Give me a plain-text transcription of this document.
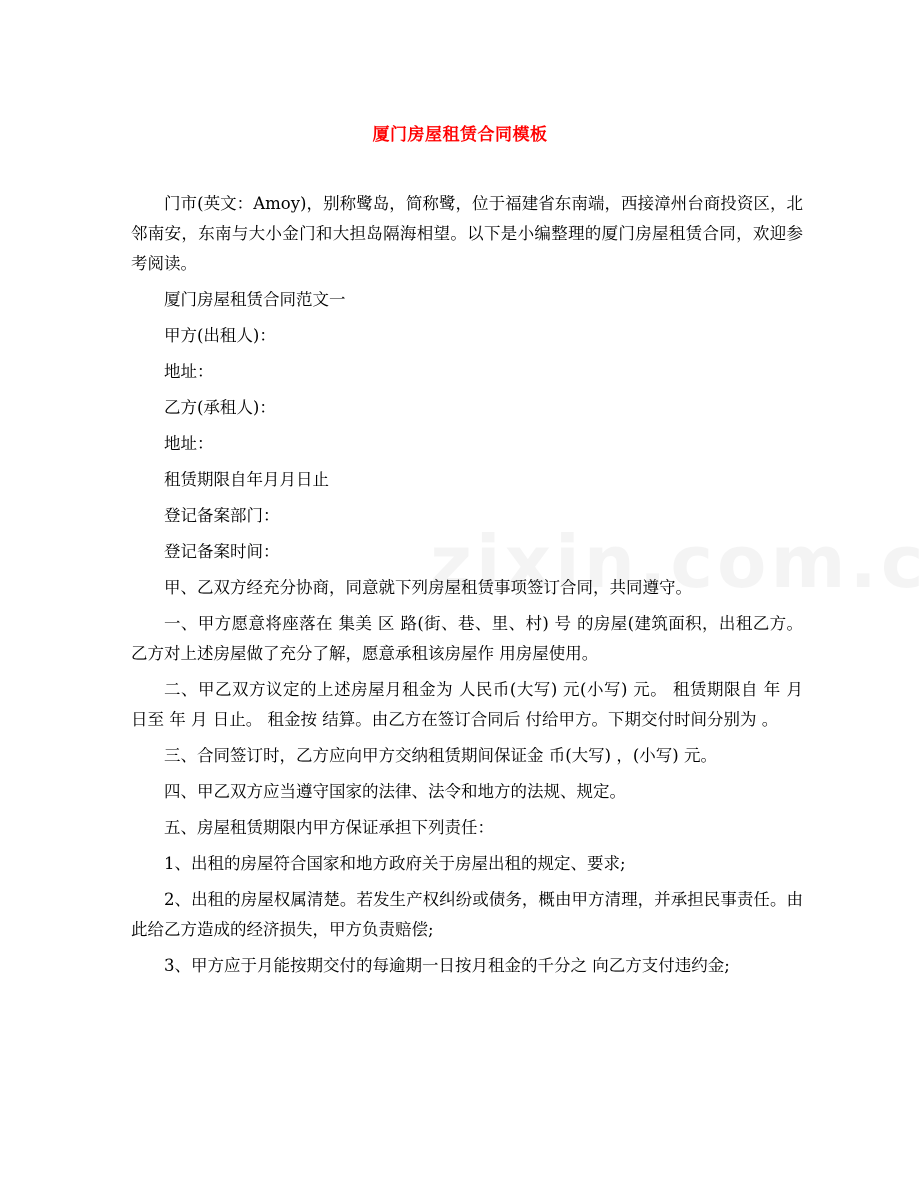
厦门房屋租赁合同模板

门市(英文：Amoy)，别称鹭岛，简称鹭，位于福建省东南端，西接漳州台商投资区，北邻南安，东南与大小金门和大担岛隔海相望。以下是小编整理的厦门房屋租赁合同，欢迎参考阅读。

厦门房屋租赁合同范文一

甲方(出租人)：

地址：

乙方(承租人)：

地址：

租赁期限自年月月日止

登记备案部门：

登记备案时间：

甲、乙双方经充分协商，同意就下列房屋租赁事项签订合同，共同遵守。

一、甲方愿意将座落在 集美 区 路(街、巷、里、村) 号 的房屋(建筑面积，出租乙方。乙方对上述房屋做了充分了解，愿意承租该房屋作 用房屋使用。

二、甲乙双方议定的上述房屋月租金为 人民币(大写) 元(小写) 元。 租赁期限自 年 月 日至 年 月 日止。 租金按 结算。由乙方在签订合同后 付给甲方。下期交付时间分别为 。

三、合同签订时，乙方应向甲方交纳租赁期间保证金 币(大写) ，(小写) 元。

四、甲乙双方应当遵守国家的法律、法令和地方的法规、规定。

五、房屋租赁期限内甲方保证承担下列责任：

1、出租的房屋符合国家和地方政府关于房屋出租的规定、要求;

2、出租的房屋权属清楚。若发生产权纠纷或债务，概由甲方清理，并承担民事责任。由此给乙方造成的经济损失，甲方负责赔偿;

3、甲方应于月能按期交付的每逾期一日按月租金的千分之 向乙方支付违约金;
